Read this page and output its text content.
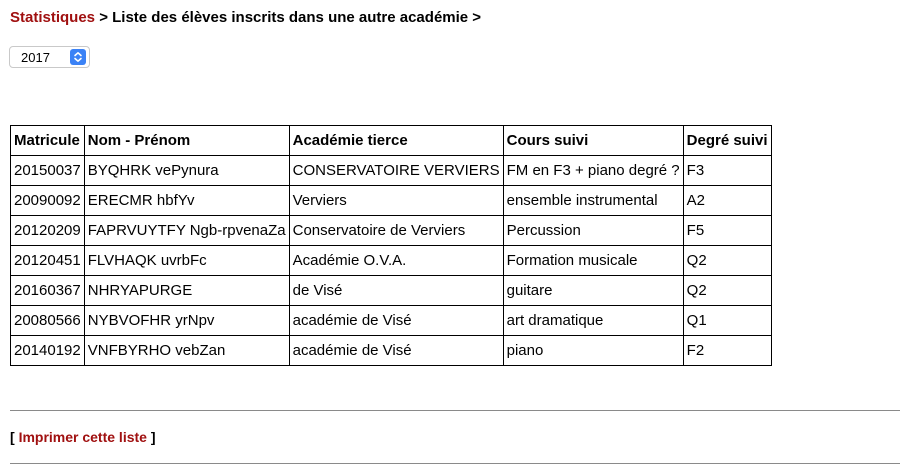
Statistiques > Liste des élèves inscrits dans une autre académie >
2017
Matricule	Nom - Prénom	Académie tierce	Cours suivi	Degré suivi
20150037	BYQHRK vePynura	CONSERVATOIRE VERVIERS	FM en F3 + piano degré ?	F3
20090092	ERECMR hbfYv	Verviers	ensemble instrumental	A2
20120209	FAPRVUYTFY Ngb-rpvenaZa	Conservatoire de Verviers	Percussion	F5
20120451	FLVHAQK uvrbFc	Académie O.V.A.	Formation musicale	Q2
20160367	NHRYAPURGE	de Visé	guitare	Q2
20080566	NYBVOFHR yrNpv	académie de Visé	art dramatique	Q1
20140192	VNFBYRHO vebZan	académie de Visé	piano	F2
[ Imprimer cette liste ]
